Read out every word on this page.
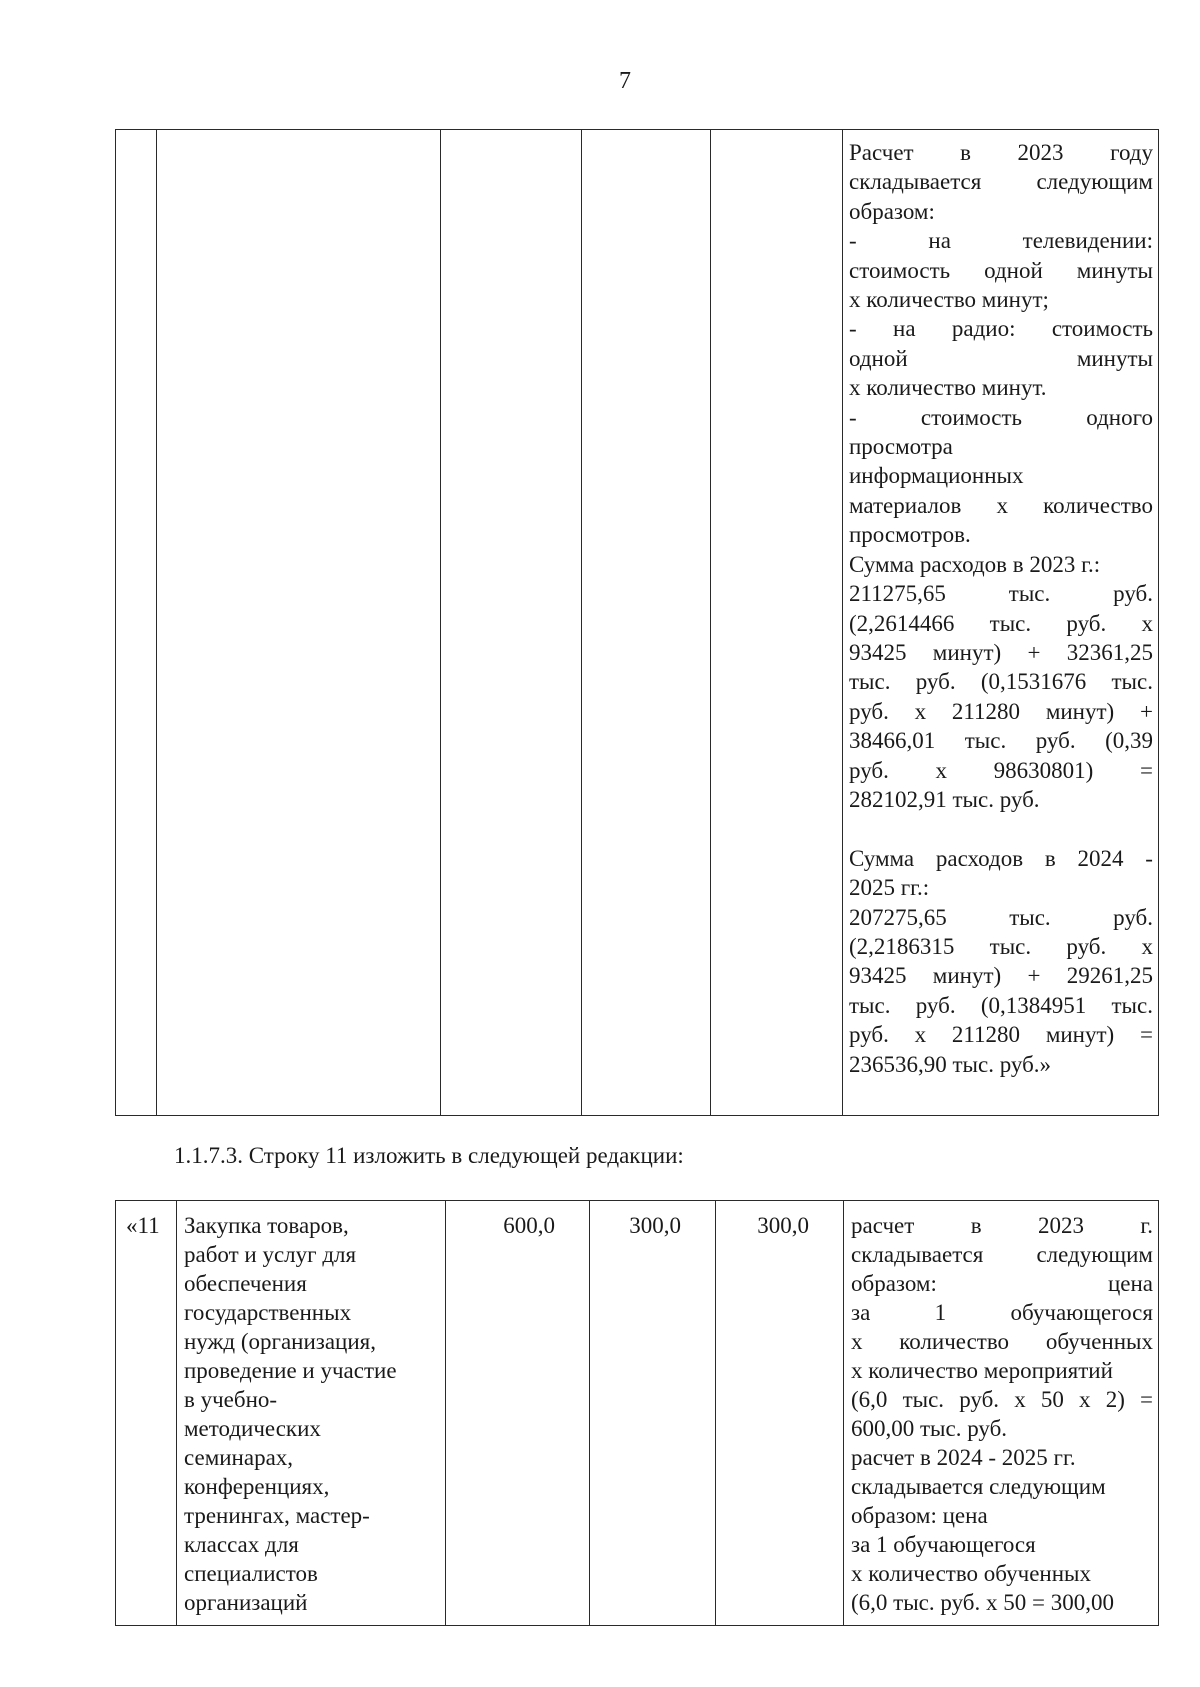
7

Расчет в 2023 году
складывается следующим
образом:
-	на	телевидении:
стоимость одной минуты
х количество минут;
- на радио: стоимость
одной	минуты
х количество минут.
-	стоимость	одного
просмотра
информационных
материалов х количество
просмотров.
Сумма расходов в 2023 г.:
211275,65	тыс.	руб.
(2,2614466 тыс. руб. х
93425 минут) + 32361,25
тыс. руб. (0,1531676 тыс.
руб. х 211280 минут) +
38466,01 тыс. руб. (0,39
руб. х 98630801) =
282102,91 тыс. руб.
Сумма расходов в 2024 -
2025 гг.:
207275,65	тыс.	руб.
(2,2186315 тыс. руб. х
93425 минут) + 29261,25
тыс. руб. (0,1384951 тыс.
руб. х 211280 минут) =
236536,90 тыс. руб.»
1.1.7.3. Строку 11 изложить в следующей редакции:
«11	Закупка товаров,
работ и услуг для
обеспечения
государственных
нужд (организация,
проведение и участие
в учебно-
методических
семинарах,
конференциях,
тренингах, мастер-
классах для
специалистов
организаций
	600,0	300,0	300,0	расчет в 2023 г.
складывается следующим
образом:	цена
за	1	обучающегося
х количество обученных
х количество мероприятий
(6,0 тыс. руб. х 50 х 2) =
600,00 тыс. руб.
расчет в 2024 - 2025 гг.
складывается следующим
образом: цена
за 1 обучающегося
х количество обученных
(6,0 тыс. руб. х 50 = 300,00
